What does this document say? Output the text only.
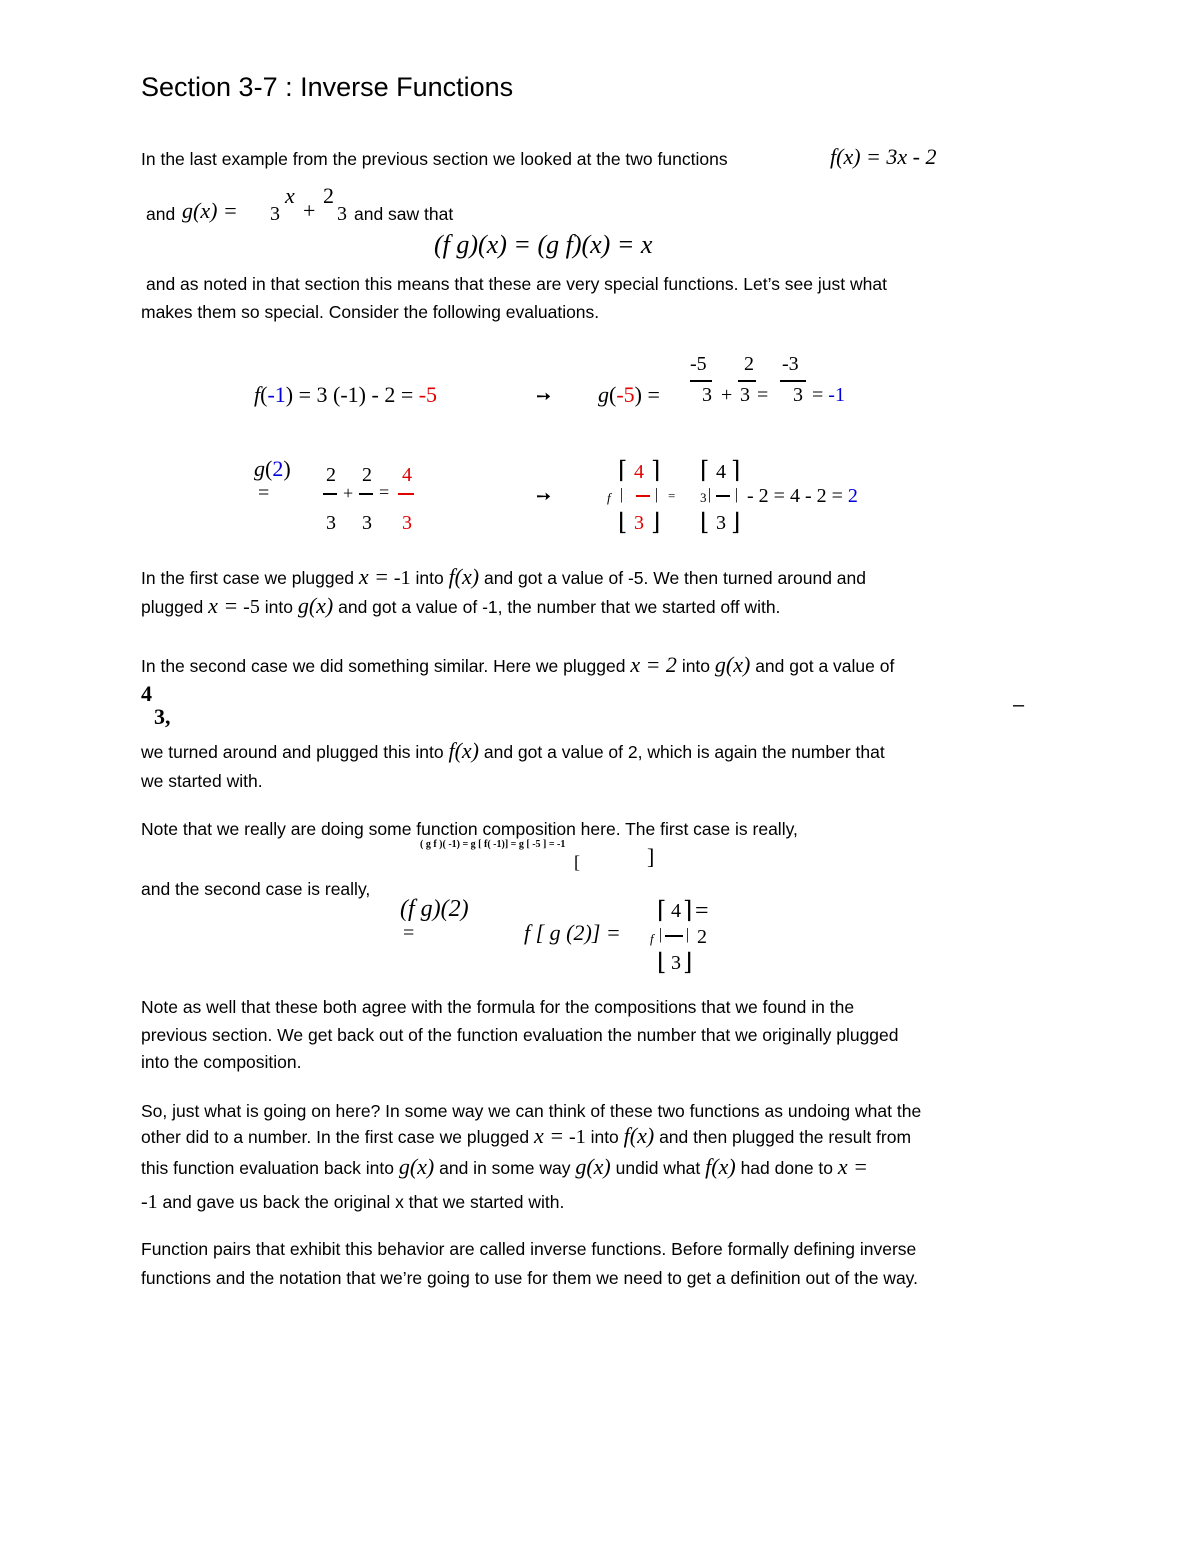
Section 3-7 : Inverse Functions
In the last example from the previous section we looked at the two functions	f(x) = 3x - 2
and g(x) =
x
3 +
2
3 and saw that
(f g)(x) = (g f)(x) = x
and as noted in that section this means that these are very special functions. Let’s see just what
makes them so special. Consider the following evaluations.
f(-1) = 3 (-1) - 2 = -5	➙ g(-5) =
-5
3 +
2
3 =
-3
3 = -1
g(2)
=
2
3
+
2
3
=
4
3
➙
⌈ 4 ⌉
f | | =
⌊ 3 ⌋
⌈ 4 ⌉
3 | |
⌊ 3 ⌋
- 2 = 4 - 2 = 2
In the first case we plugged x = -1 into f(x) and got a value of -5. We then turned around and
plugged x = -5 into g(x) and got a value of -1, the number that we started off with.
In the second case we did something similar. Here we plugged x = 2 into g(x) and got a value of
4
3,	–
we turned around and plugged this into f(x) and got a value of 2, which is again the number that
we started with.
Note that we really are doing some function composition here. The first case is really,
( g f )( -1) = g [ f( -1)] = g [ -5 ] = -1
[	]
and the second case is really,
(f g)(2)
=	f [ g (2)] =
⌈ 4 ⌉
f | |
⌊ 3 ⌋
=
2
Note as well that these both agree with the formula for the compositions that we found in the
previous section. We get back out of the function evaluation the number that we originally plugged
into the composition.
So, just what is going on here? In some way we can think of these two functions as undoing what the
other did to a number. In the first case we plugged x = -1 into f(x) and then plugged the result from
this function evaluation back into g(x) and in some way g(x) undid what f(x) had done to x =
-1 and gave us back the original x that we started with.
Function pairs that exhibit this behavior are called inverse functions. Before formally defining inverse
functions and the notation that we’re going to use for them we need to get a definition out of the way.
